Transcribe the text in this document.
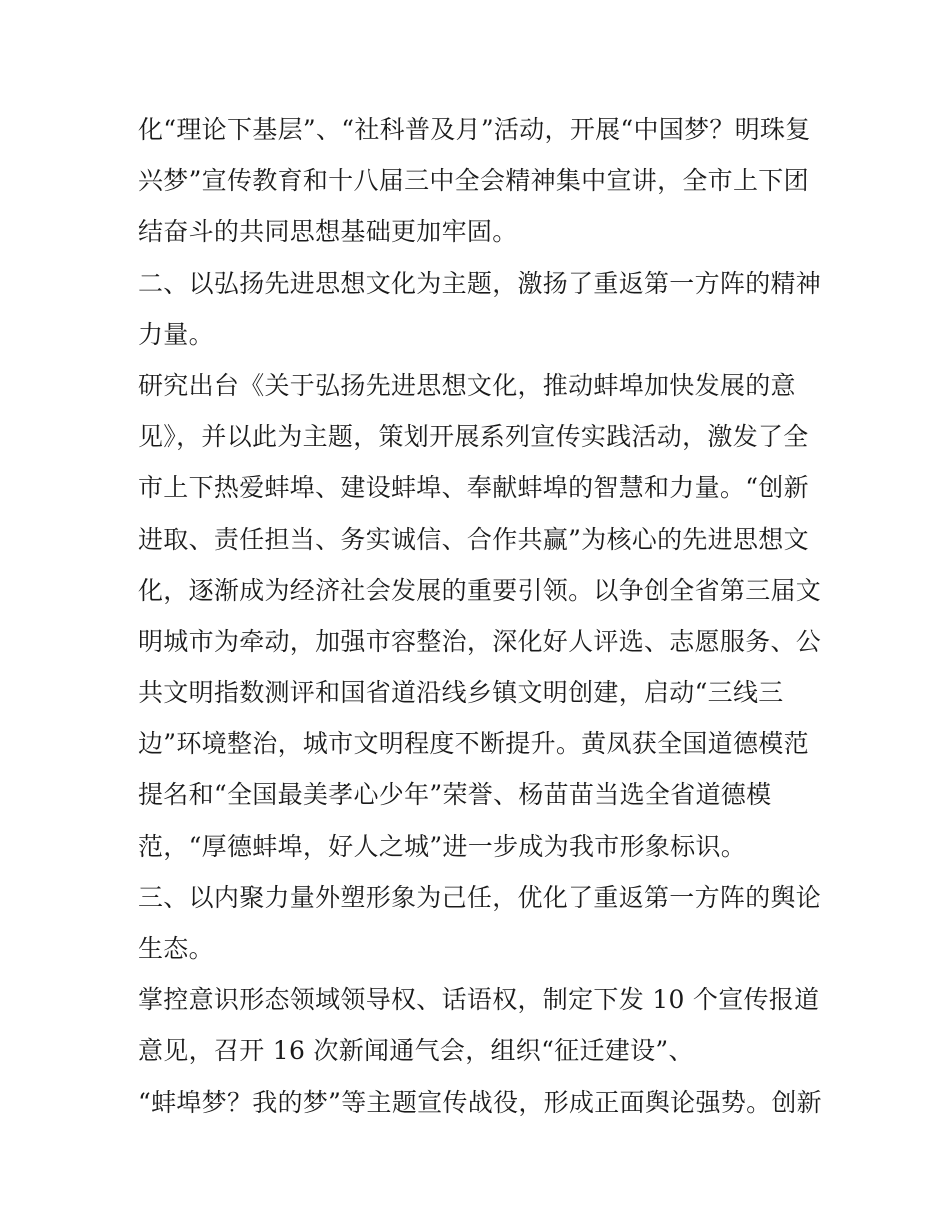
化“理论下基层”、“社科普及月”活动，开展“中国梦？明珠复
兴梦”宣传教育和十八届三中全会精神集中宣讲，全市上下团
结奋斗的共同思想基础更加牢固。
二、以弘扬先进思想文化为主题，激扬了重返第一方阵的精神
力量。
研究出台《关于弘扬先进思想文化，推动蚌埠加快发展的意
见》，并以此为主题，策划开展系列宣传实践活动，激发了全
市上下热爱蚌埠、建设蚌埠、奉献蚌埠的智慧和力量。“创新
进取、责任担当、务实诚信、合作共赢”为核心的先进思想文
化，逐渐成为经济社会发展的重要引领。以争创全省第三届文
明城市为牵动，加强市容整治，深化好人评选、志愿服务、公
共文明指数测评和国省道沿线乡镇文明创建，启动“三线三
边”环境整治，城市文明程度不断提升。黄凤获全国道德模范
提名和“全国最美孝心少年”荣誉、杨苗苗当选全省道德模
范，“厚德蚌埠，好人之城”进一步成为我市形象标识。
三、以内聚力量外塑形象为己任，优化了重返第一方阵的舆论
生态。
掌控意识形态领域领导权、话语权，制定下发 10 个宣传报道
意见，召开 16 次新闻通气会，组织“征迁建设”、
“蚌埠梦？我的梦”等主题宣传战役，形成正面舆论强势。创新
